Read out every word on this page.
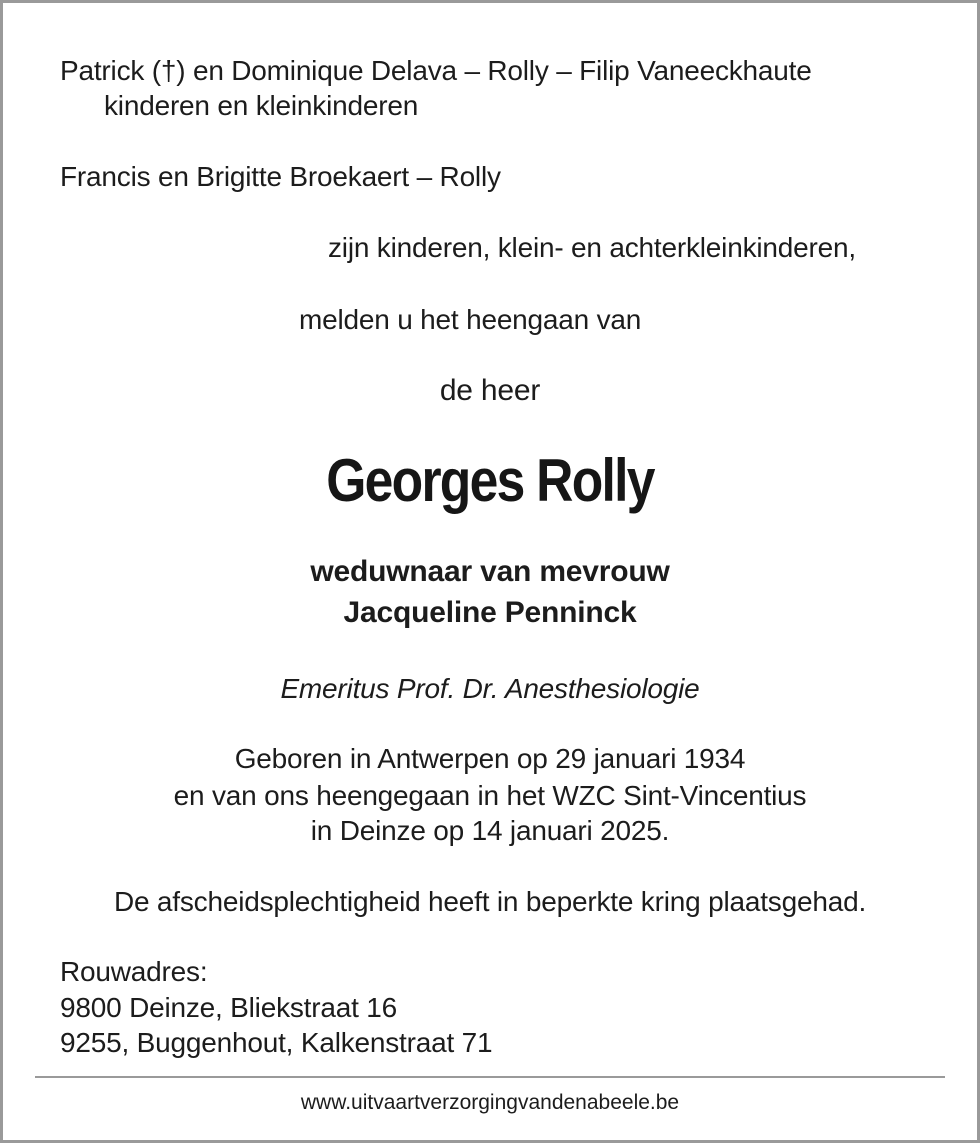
Patrick (†) en Dominique Delava – Rolly – Filip Vaneeckhaute
kinderen en kleinkinderen
Francis en Brigitte Broekaert – Rolly
zijn kinderen, klein- en achterkleinkinderen,
melden u het heengaan van
de heer
Georges Rolly
weduwnaar van mevrouw
Jacqueline Penninck
Emeritus Prof. Dr. Anesthesiologie
Geboren in Antwerpen op 29 januari 1934
en van ons heengegaan in het WZC Sint-Vincentius
in Deinze op 14 januari 2025.
De afscheidsplechtigheid heeft in beperkte kring plaatsgehad.
Rouwadres:
9800 Deinze, Bliekstraat 16
9255, Buggenhout, Kalkenstraat 71
www.uitvaartverzorgingvandenabeele.be
